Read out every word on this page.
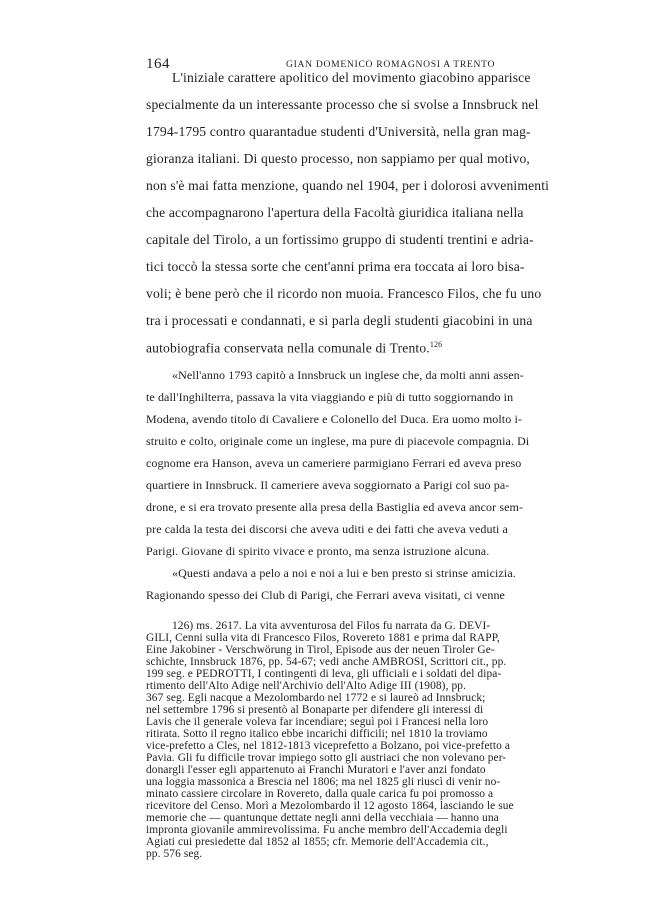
164	GIAN DOMENICO ROMAGNOSI A TRENTO
L'iniziale carattere apolitico del movimento giacobino apparisce
specialmente da un interessante processo che si svolse a Innsbruck nel
1794-1795 contro quarantadue studenti d'Università, nella gran mag-
gioranza italiani. Di questo processo, non sappiamo per qual motivo,
non s'è mai fatta menzione, quando nel 1904, per i dolorosi avvenimenti
che accompagnarono l'apertura della Facoltà giuridica italiana nella
capitale del Tirolo, a un fortissimo gruppo di studenti trentini e adria-
tici toccò la stessa sorte che cent'anni prima era toccata ai loro bisa-
voli; è bene però che il ricordo non muoia. Francesco Filos, che fu uno
tra i processati e condannati, e si parla degli studenti giacobini in una
autobiografia conservata nella comunale di Trento.$^{126}$
«Nell'anno 1793 capitò a Innsbruck un inglese che, da molti anni assen-
te dall'Inghilterra, passava la vita viaggiando e più di tutto soggiornando in
Modena, avendo titolo di Cavaliere e Colonello del Duca. Era uomo molto i-
struito e colto, originale come un inglese, ma pure di piacevole compagnia. Di
cognome era Hanson, aveva un cameriere parmigiano Ferrari ed aveva preso
quartiere in Innsbruck. Il cameriere aveva soggiornato a Parigi col suo pa-
drone, e si era trovato presente alla presa della Bastiglia ed aveva ancor sem-
pre calda la testa dei discorsi che aveva uditi e dei fatti che aveva veduti a
Parigi. Giovane di spirito vivace e pronto, ma senza istruzione alcuna.
«Questi andava a pelo a noi e noi a lui e ben presto si strinse amicizia.
Ragionando spesso dei Club di Parigi, che Ferrari aveva visitati, ci venne
126) ms. 2617. La vita avventurosa del Filos fu narrata da G. DEVI-
GILI, Cenni sulla vita di Francesco Filos, Rovereto 1881 e prima dal RAPP,
Eine Jakobiner - Verschwörung in Tirol, Episode aus der neuen Tiroler Ge-
schichte, Innsbruck 1876, pp. 54-67; vedi anche AMBROSI, Scrittori cit., pp.
199 seg. e PEDROTTI, I contingenti di leva, gli ufficiali e i soldati del dipa-
rtimento dell'Alto Adige nell'Archivio dell'Alto Adige III (1908), pp.
367 seg. Egli nacque a Mezolombardo nel 1772 e si laureò ad Innsbruck;
nel settembre 1796 si presentò al Bonaparte per difendere gli interessi di
Lavis che il generale voleva far incendiare; seguì poi i Francesi nella loro
ritirata. Sotto il regno italico ebbe incarichi difficili; nel 1810 la troviamo
vice-prefetto a Cles, nel 1812-1813 viceprefetto a Bolzano, poi vice-prefetto a
Pavia. Gli fu difficile trovar impiego sotto gli austriaci che non volevano per-
donargli l'esser egli appartenuto ai Franchi Muratori e l'aver anzi fondato
una loggia massonica a Brescia nel 1806; ma nel 1825 gli riuscì di venir no-
minato cassiere circolare in Rovereto, dalla quale carica fu poi promosso a
ricevitore del Censo. Morì a Mezolombardo il 12 agosto 1864, lasciando le sue
memorie che — quantunque dettate negli anni della vecchiaia — hanno una
impronta giovanile ammirevolissima. Fu anche membro dell'Accademia degli
Agiati cui presiedette dal 1852 al 1855; cfr. Memorie dell'Accademia cit.,
pp. 576 seg.
